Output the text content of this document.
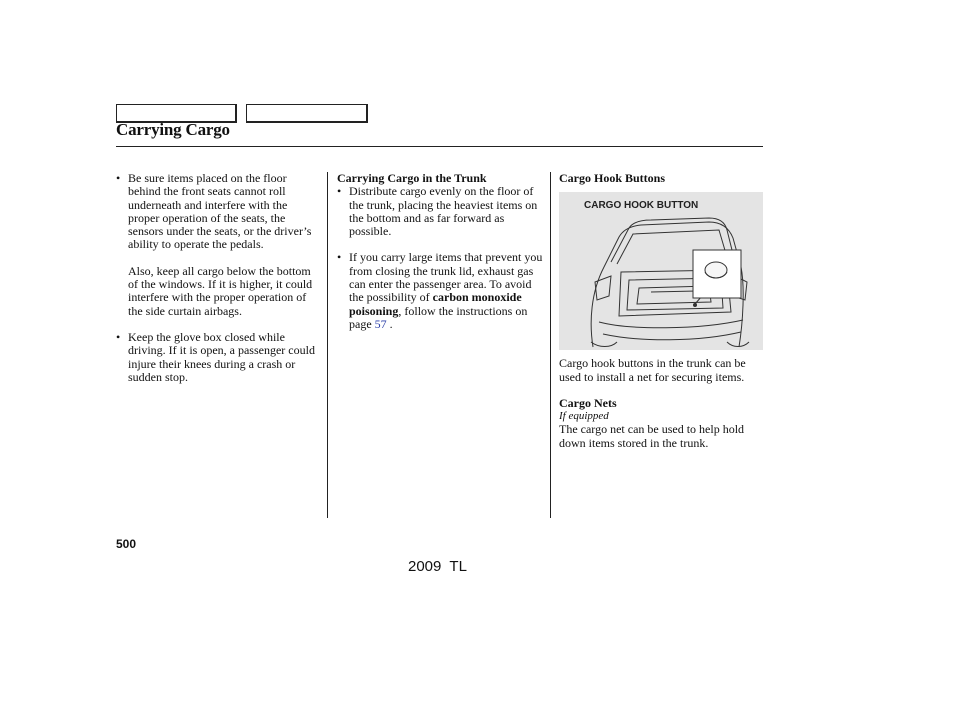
Carrying Cargo
• Be sure items placed on the floor behind the front seats cannot roll underneath and interfere with the proper operation of the seats, the sensors under the seats, or the driver’s ability to operate the pedals.
Also, keep all cargo below the bottom of the windows. If it is higher, it could interfere with the proper operation of the side curtain airbags.
• Keep the glove box closed while driving. If it is open, a passenger could injure their knees during a crash or sudden stop.
Carrying Cargo in the Trunk
• Distribute cargo evenly on the floor of the trunk, placing the heaviest items on the bottom and as far forward as possible.
• If you carry large items that prevent you from closing the trunk lid, exhaust gas can enter the passenger area. To avoid the possibility of carbon monoxide poisoning, follow the instructions on page 57 .
Cargo Hook Buttons
CARGO HOOK BUTTON
Cargo hook buttons in the trunk can be used to install a net for securing items.
Cargo Nets
If equipped
The cargo net can be used to help hold down items stored in the trunk.
500
2009  TL
